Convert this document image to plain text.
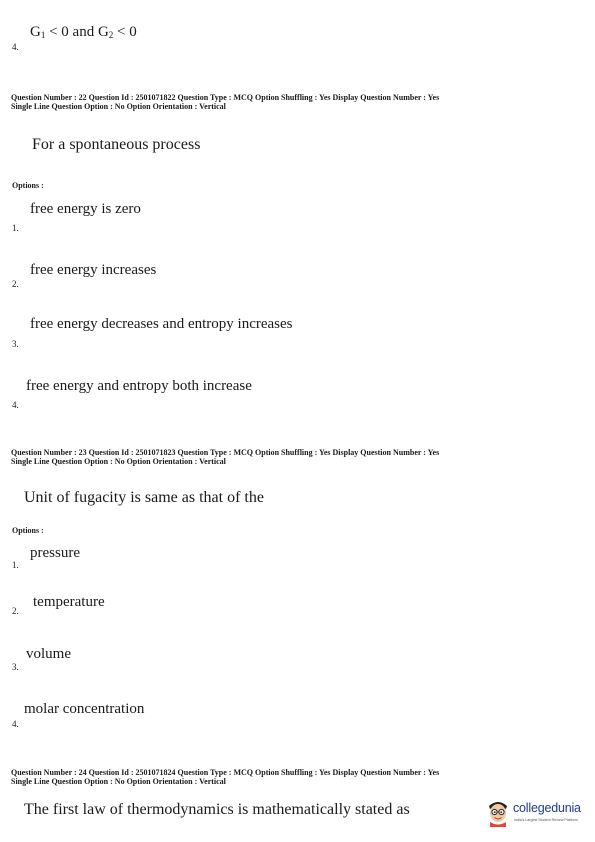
$G_1 < 0$ and $G_2 < 0$
4.
Question Number : 22 Question Id : 2501071822 Question Type : MCQ Option Shuffling : Yes Display Question Number : Yes
Single Line Question Option : No Option Orientation : Vertical
For a spontaneous process
Options :
free energy is zero
1.
free energy increases
2.
free energy decreases and entropy increases
3.
free energy and entropy both increase
4.
Question Number : 23 Question Id : 2501071823 Question Type : MCQ Option Shuffling : Yes Display Question Number : Yes
Single Line Question Option : No Option Orientation : Vertical
Unit of fugacity is same as that of the
Options :
pressure
1.
temperature
2.
volume
3.
molar concentration
4.
Question Number : 24 Question Id : 2501071824 Question Type : MCQ Option Shuffling : Yes Display Question Number : Yes
Single Line Question Option : No Option Orientation : Vertical
The first law of thermodynamics is mathematically stated as	collegedunia
India's Largest Student Review Platform
